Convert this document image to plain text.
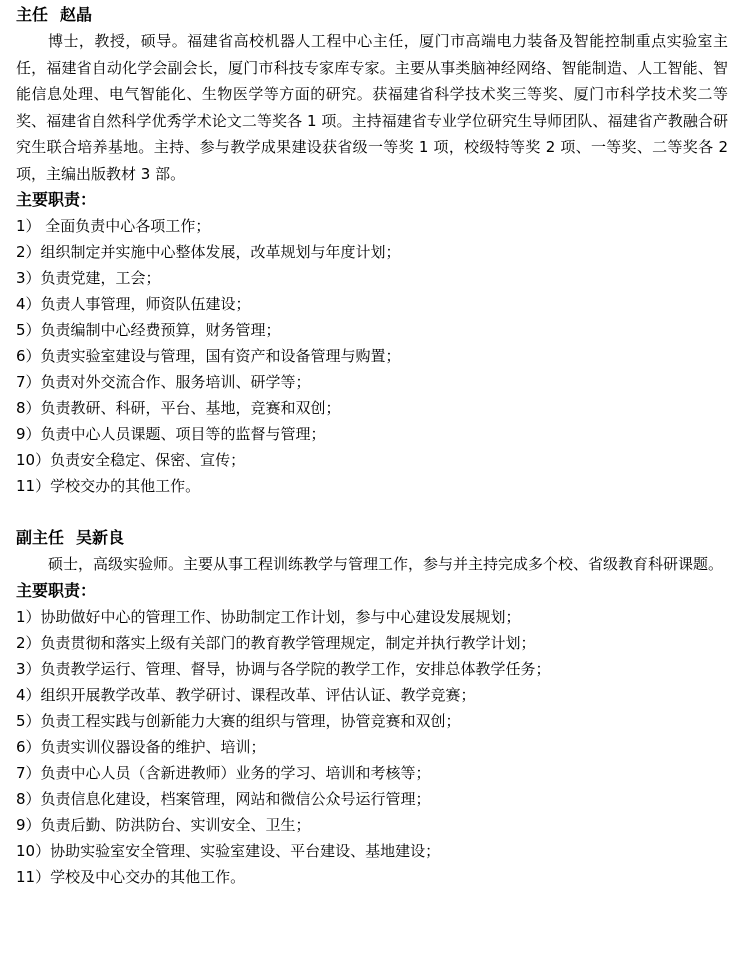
主任 赵晶

博士，教授，硕导。福建省高校机器人工程中心主任，厦门市高端电力装备及智能控制重点实验室主任，福建省自动化学会副会长，厦门市科技专家库专家。主要从事类脑神经网络、智能制造、人工智能、智能信息处理、电气智能化、生物医学等方面的研究。获福建省科学技术奖三等奖、厦门市科学技术奖二等奖、福建省自然科学优秀学术论文二等奖各 1 项。主持福建省专业学位研究生导师团队、福建省产教融合研究生联合培养基地。主持、参与教学成果建设获省级一等奖 1 项，校级特等奖 2 项、一等奖、二等奖各 2 项，主编出版教材 3 部。

主要职责：
1） 全面负责中心各项工作；
2）组织制定并实施中心整体发展，改革规划与年度计划；
3）负责党建，工会；
4）负责人事管理，师资队伍建设；
5）负责编制中心经费预算，财务管理；
6）负责实验室建设与管理，国有资产和设备管理与购置；
7）负责对外交流合作、服务培训、研学等；
8）负责教研、科研，平台、基地，竞赛和双创；
9）负责中心人员课题、项目等的监督与管理；
10）负责安全稳定、保密、宣传；
11）学校交办的其他工作。
副主任 吴新良

硕士，高级实验师。主要从事工程训练教学与管理工作，参与并主持完成多个校、省级教育科研课题。

主要职责：
1）协助做好中心的管理工作、协助制定工作计划，参与中心建设发展规划；
2）负责贯彻和落实上级有关部门的教育教学管理规定，制定并执行教学计划；
3）负责教学运行、管理、督导，协调与各学院的教学工作，安排总体教学任务；
4）组织开展教学改革、教学研讨、课程改革、评估认证、教学竞赛；
5）负责工程实践与创新能力大赛的组织与管理，协管竞赛和双创；
6）负责实训仪器设备的维护、培训；
7）负责中心人员（含新进教师）业务的学习、培训和考核等；
8）负责信息化建设，档案管理，网站和微信公众号运行管理；
9）负责后勤、防洪防台、实训安全、卫生；
10）协助实验室安全管理、实验室建设、平台建设、基地建设；
11）学校及中心交办的其他工作。
